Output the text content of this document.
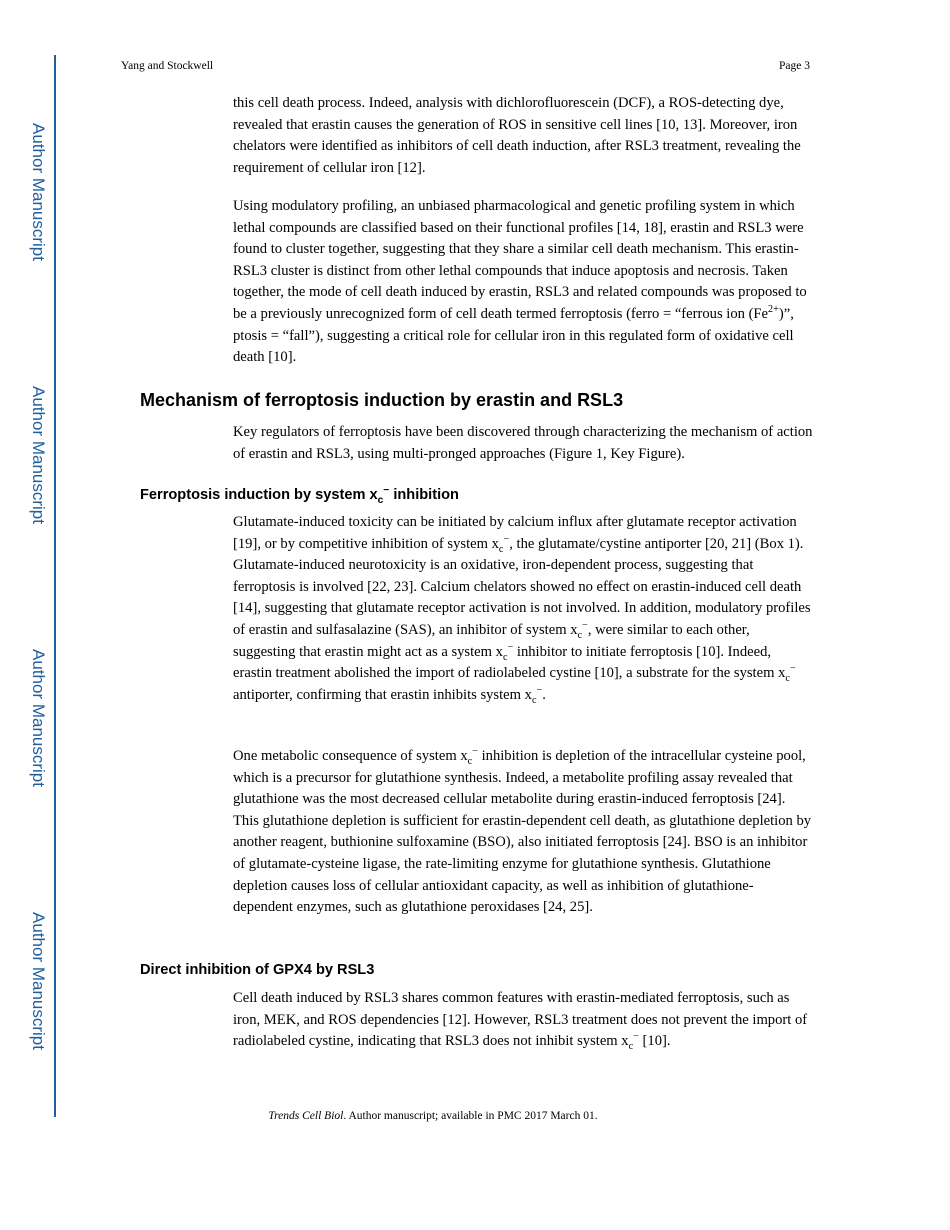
Author Manuscript
Author Manuscript
Author Manuscript
Author Manuscript
Yang and Stockwell	Page 3

this cell death process. Indeed, analysis with dichlorofluorescein (DCF), a ROS-detecting dye, revealed that erastin causes the generation of ROS in sensitive cell lines [10, 13]. Moreover, iron chelators were identified as inhibitors of cell death induction, after RSL3 treatment, revealing the requirement of cellular iron [12].

Using modulatory profiling, an unbiased pharmacological and genetic profiling system in which lethal compounds are classified based on their functional profiles [14, 18], erastin and RSL3 were found to cluster together, suggesting that they share a similar cell death mechanism. This erastin-RSL3 cluster is distinct from other lethal compounds that induce apoptosis and necrosis. Taken together, the mode of cell death induced by erastin, RSL3 and related compounds was proposed to be a previously unrecognized form of cell death termed ferroptosis (ferro = “ferrous ion $(Fe^{2+})$”, ptosis = “fall”), suggesting a critical role for cellular iron in this regulated form of oxidative cell death [10].

Mechanism of ferroptosis induction by erastin and RSL3

Key regulators of ferroptosis have been discovered through characterizing the mechanism of action of erastin and RSL3, using multi-pronged approaches (Figure 1, Key Figure).

Ferroptosis induction by system $x_c^-$ inhibition

Glutamate-induced toxicity can be initiated by calcium influx after glutamate receptor activation [19], or by competitive inhibition of system $x_c^-$, the glutamate/cystine antiporter [20, 21] (Box 1). Glutamate-induced neurotoxicity is an oxidative, iron-dependent process, suggesting that ferroptosis is involved [22, 23]. Calcium chelators showed no effect on erastin-induced cell death [14], suggesting that glutamate receptor activation is not involved. In addition, modulatory profiles of erastin and sulfasalazine (SAS), an inhibitor of system $x_c^-$, were similar to each other, suggesting that erastin might act as a system $x_c^-$ inhibitor to initiate ferroptosis [10]. Indeed, erastin treatment abolished the import of radiolabeled cystine [10], a substrate for the system $x_c^-$ antiporter, confirming that erastin inhibits system $x_c^-$.

One metabolic consequence of system $x_c^-$ inhibition is depletion of the intracellular cysteine pool, which is a precursor for glutathione synthesis. Indeed, a metabolite profiling assay revealed that glutathione was the most decreased cellular metabolite during erastin-induced ferroptosis [24]. This glutathione depletion is sufficient for erastin-dependent cell death, as glutathione depletion by another reagent, buthionine sulfoxamine (BSO), also initiated ferroptosis [24]. BSO is an inhibitor of glutamate-cysteine ligase, the rate-limiting enzyme for glutathione synthesis. Glutathione depletion causes loss of cellular antioxidant capacity, as well as inhibition of glutathione-dependent enzymes, such as glutathione peroxidases [24, 25].

Direct inhibition of GPX4 by RSL3

Cell death induced by RSL3 shares common features with erastin-mediated ferroptosis, such as iron, MEK, and ROS dependencies [12]. However, RSL3 treatment does not prevent the import of radiolabeled cystine, indicating that RSL3 does not inhibit system $x_c^-$ [10].

Trends Cell Biol. Author manuscript; available in PMC 2017 March 01.
